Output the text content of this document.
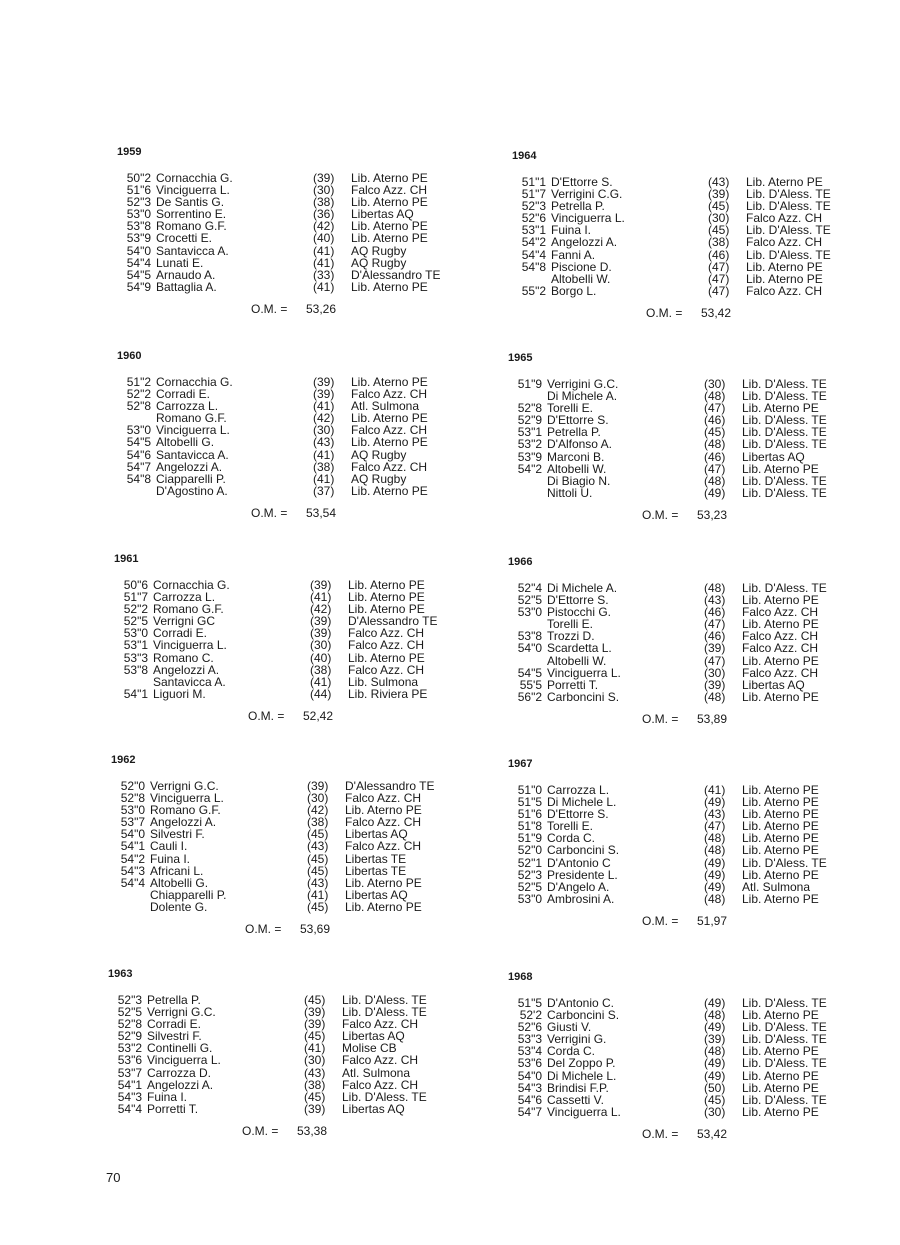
1959
50"2 Cornacchia G.	(39) Lib. Aterno PE
51"6 Vinciguerra L.	(30) Falco Azz. CH
52"3 De Santis G.	(38) Lib. Aterno PE
53"0 Sorrentino E.	(36) Libertas AQ
53"8 Romano G.F.	(42) Lib. Aterno PE
53"9 Crocetti E.	(40) Lib. Aterno PE
54"0 Santavicca A.	(41) AQ Rugby
54"4 Lunati E.	(41) AQ Rugby
54"5 Arnaudo A.	(33) D'Alessandro TE
54"9 Battaglia A.	(41) Lib. Aterno PE
O.M. = 53,26
1960
51"2 Cornacchia G.	(39) Lib. Aterno PE
52"2 Corradi E.	(39) Falco Azz. CH
52"8 Carrozza L.	(41) Atl. Sulmona
Romano G.F.	(42) Lib. Aterno PE
53"0 Vinciguerra L.	(30) Falco Azz. CH
54"5 Altobelli G.	(43) Lib. Aterno PE
54"6 Santavicca A.	(41) AQ Rugby
54"7 Angelozzi A.	(38) Falco Azz. CH
54"8 Ciapparelli P.	(41) AQ Rugby
D'Agostino A.	(37) Lib. Aterno PE
O.M. = 53,54
1961
50"6 Cornacchia G.	(39) Lib. Aterno PE
51"7 Carrozza L.	(41) Lib. Aterno PE
52"2 Romano G.F.	(42) Lib. Aterno PE
52"5 Verrigni GC	(39) D'Alessandro TE
53"0 Corradi E.	(39) Falco Azz. CH
53"1 Vinciguerra L.	(30) Falco Azz. CH
53"3 Romano C.	(40) Lib. Aterno PE
53"8 Angelozzi A.	(38) Falco Azz. CH
Santavicca A.	(41) Lib. Sulmona
54"1 Liguori M.	(44) Lib. Riviera PE
O.M. = 52,42
1962
52"0 Verrigni G.C.	(39) D'Alessandro TE
52"8 Vinciguerra L.	(30) Falco Azz. CH
53"0 Romano G.F.	(42) Lib. Aterno PE
53"7 Angelozzi A.	(38) Falco Azz. CH
54"0 Silvestri F.	(45) Libertas AQ
54"1 Cauli I.	(43) Falco Azz. CH
54"2 Fuina I.	(45) Libertas TE
54"3 Africani L.	(45) Libertas TE
54"4 Altobelli G.	(43) Lib. Aterno PE
Chiapparelli P.	(41) Libertas AQ
Dolente G.	(45) Lib. Aterno PE
O.M. = 53,69
1963
52"3 Petrella P.	(45) Lib. D'Aless. TE
52"5 Verrigni G.C.	(39) Lib. D'Aless. TE
52"8 Corradi E.	(39) Falco Azz. CH
52"9 Silvestri F.	(45) Libertas AQ
53"2 Continelli G.	(41) Molise CB
53"6 Vinciguerra L.	(30) Falco Azz. CH
53"7 Carrozza D.	(43) Atl. Sulmona
54"1 Angelozzi A.	(38) Falco Azz. CH
54"3 Fuina I.	(45) Lib. D'Aless. TE
54"4 Porretti T.	(39) Libertas AQ
O.M. = 53,38
1964
51"1 D'Ettorre S.	(43) Lib. Aterno PE
51"7 Verrigini C.G.	(39) Lib. D'Aless. TE
52"3 Petrella P.	(45) Lib. D'Aless. TE
52"6 Vinciguerra L.	(30) Falco Azz. CH
53"1 Fuina I.	(45) Lib. D'Aless. TE
54"2 Angelozzi A.	(38) Falco Azz. CH
54"4 Fanni A.	(46) Lib. D'Aless. TE
54"8 Piscione D.	(47) Lib. Aterno PE
Altobelli W.	(47) Lib. Aterno PE
55"2 Borgo L.	(47) Falco Azz. CH
O.M. = 53,42
1965
51"9 Verrigini G.C.	(30) Lib. D'Aless. TE
Di Michele A.	(48) Lib. D'Aless. TE
52"8 Torelli E.	(47) Lib. Aterno PE
52"9 D'Ettorre S.	(46) Lib. D'Aless. TE
53"1 Petrella P.	(45) Lib. D'Aless. TE
53"2 D'Alfonso A.	(48) Lib. D'Aless. TE
53"9 Marconi B.	(46) Libertas AQ
54"2 Altobelli W.	(47) Lib. Aterno PE
Di Biagio N.	(48) Lib. D'Aless. TE
Nittoli U.	(49) Lib. D'Aless. TE
O.M. = 53,23
1966
52"4 Di Michele A.	(48) Lib. D'Aless. TE
52"5 D'Ettorre S.	(43) Lib. Aterno PE
53"0 Pistocchi G.	(46) Falco Azz. CH
Torelli E.	(47) Lib. Aterno PE
53"8 Trozzi D.	(46) Falco Azz. CH
54"0 Scardetta L.	(39) Falco Azz. CH
Altobelli W.	(47) Lib. Aterno PE
54"5 Vinciguerra L.	(30) Falco Azz. CH
55'5 Porretti T.	(39) Libertas AQ
56"2 Carboncini S.	(48) Lib. Aterno PE
O.M. = 53,89
1967
51"0 Carrozza L.	(41) Lib. Aterno PE
51"5 Di Michele L.	(49) Lib. Aterno PE
51"6 D'Ettorre S.	(43) Lib. Aterno PE
51"8 Torelli E.	(47) Lib. Aterno PE
51"9 Corda C.	(48) Lib. Aterno PE
52"0 Carboncini S.	(48) Lib. Aterno PE
52"1 D'Antonio C	(49) Lib. D'Aless. TE
52"3 Presidente L.	(49) Lib. Aterno PE
52"5 D'Angelo A.	(49) Atl. Sulmona
53"0 Ambrosini A.	(48) Lib. Aterno PE
O.M. = 51,97
1968
51"5 D'Antonio C.	(49) Lib. D'Aless. TE
52'2 Carboncini S.	(48) Lib. Aterno PE
52"6 Giusti V.	(49) Lib. D'Aless. TE
53"3 Verrigini G.	(39) Lib. D'Aless. TE
53"4 Corda C.	(48) Lib. Aterno PE
53"6 Del Zoppo P.	(49) Lib. D'Aless. TE
54"0 Di Michele L.	(49) Lib. Aterno PE
54"3 Brindisi F.P.	(50) Lib. Aterno PE
54"6 Cassetti V.	(45) Lib. D'Aless. TE
54"7 Vinciguerra L.	(30) Lib. Aterno PE
O.M. = 53,42
70
